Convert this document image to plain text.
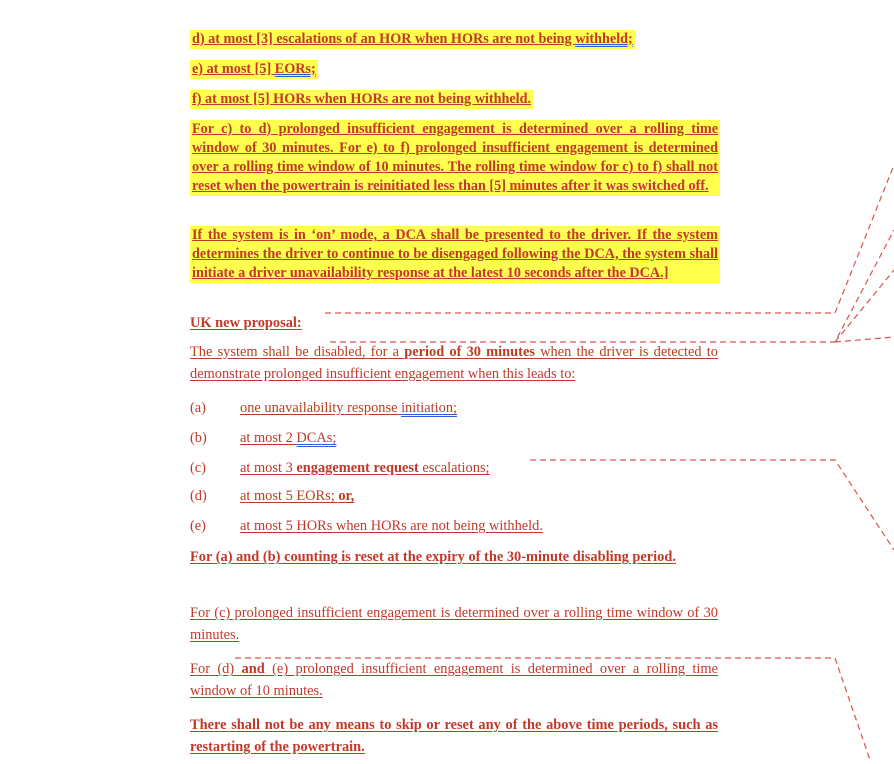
d) at most [3] escalations of an HOR when HORs are not being withheld;
e) at most [5] EORs;
f) at most [5] HORs when HORs are not being withheld.
For c) to d) prolonged insufficient engagement is determined over a rolling time window of 30 minutes. For e) to f) prolonged insufficient engagement is determined over a rolling time window of 10 minutes. The rolling time window for c) to f) shall not reset when the powertrain is reinitiated less than [5] minutes after it was switched off.
If the system is in ‘on’ mode, a DCA shall be presented to the driver. If the system determines the driver to continue to be disengaged following the DCA, the system shall initiate a driver unavailability response at the latest 10 seconds after the DCA.]
UK new proposal:
The system shall be disabled, for a period of 30 minutes when the driver is detected to demonstrate prolonged insufficient engagement when this leads to:
(a) one unavailability response initiation;
(b) at most 2 DCAs;
(c) at most 3 engagement request escalations;
(d) at most 5 EORs; or,
(e) at most 5 HORs when HORs are not being withheld.
For (a) and (b) counting is reset at the expiry of the 30-minute disabling period.
For (c) prolonged insufficient engagement is determined over a rolling time window of 30 minutes.
For (d) and (e) prolonged insufficient engagement is determined over a rolling time window of 10 minutes.
There shall not be any means to skip or reset any of the above time periods, such as restarting of the powertrain.
